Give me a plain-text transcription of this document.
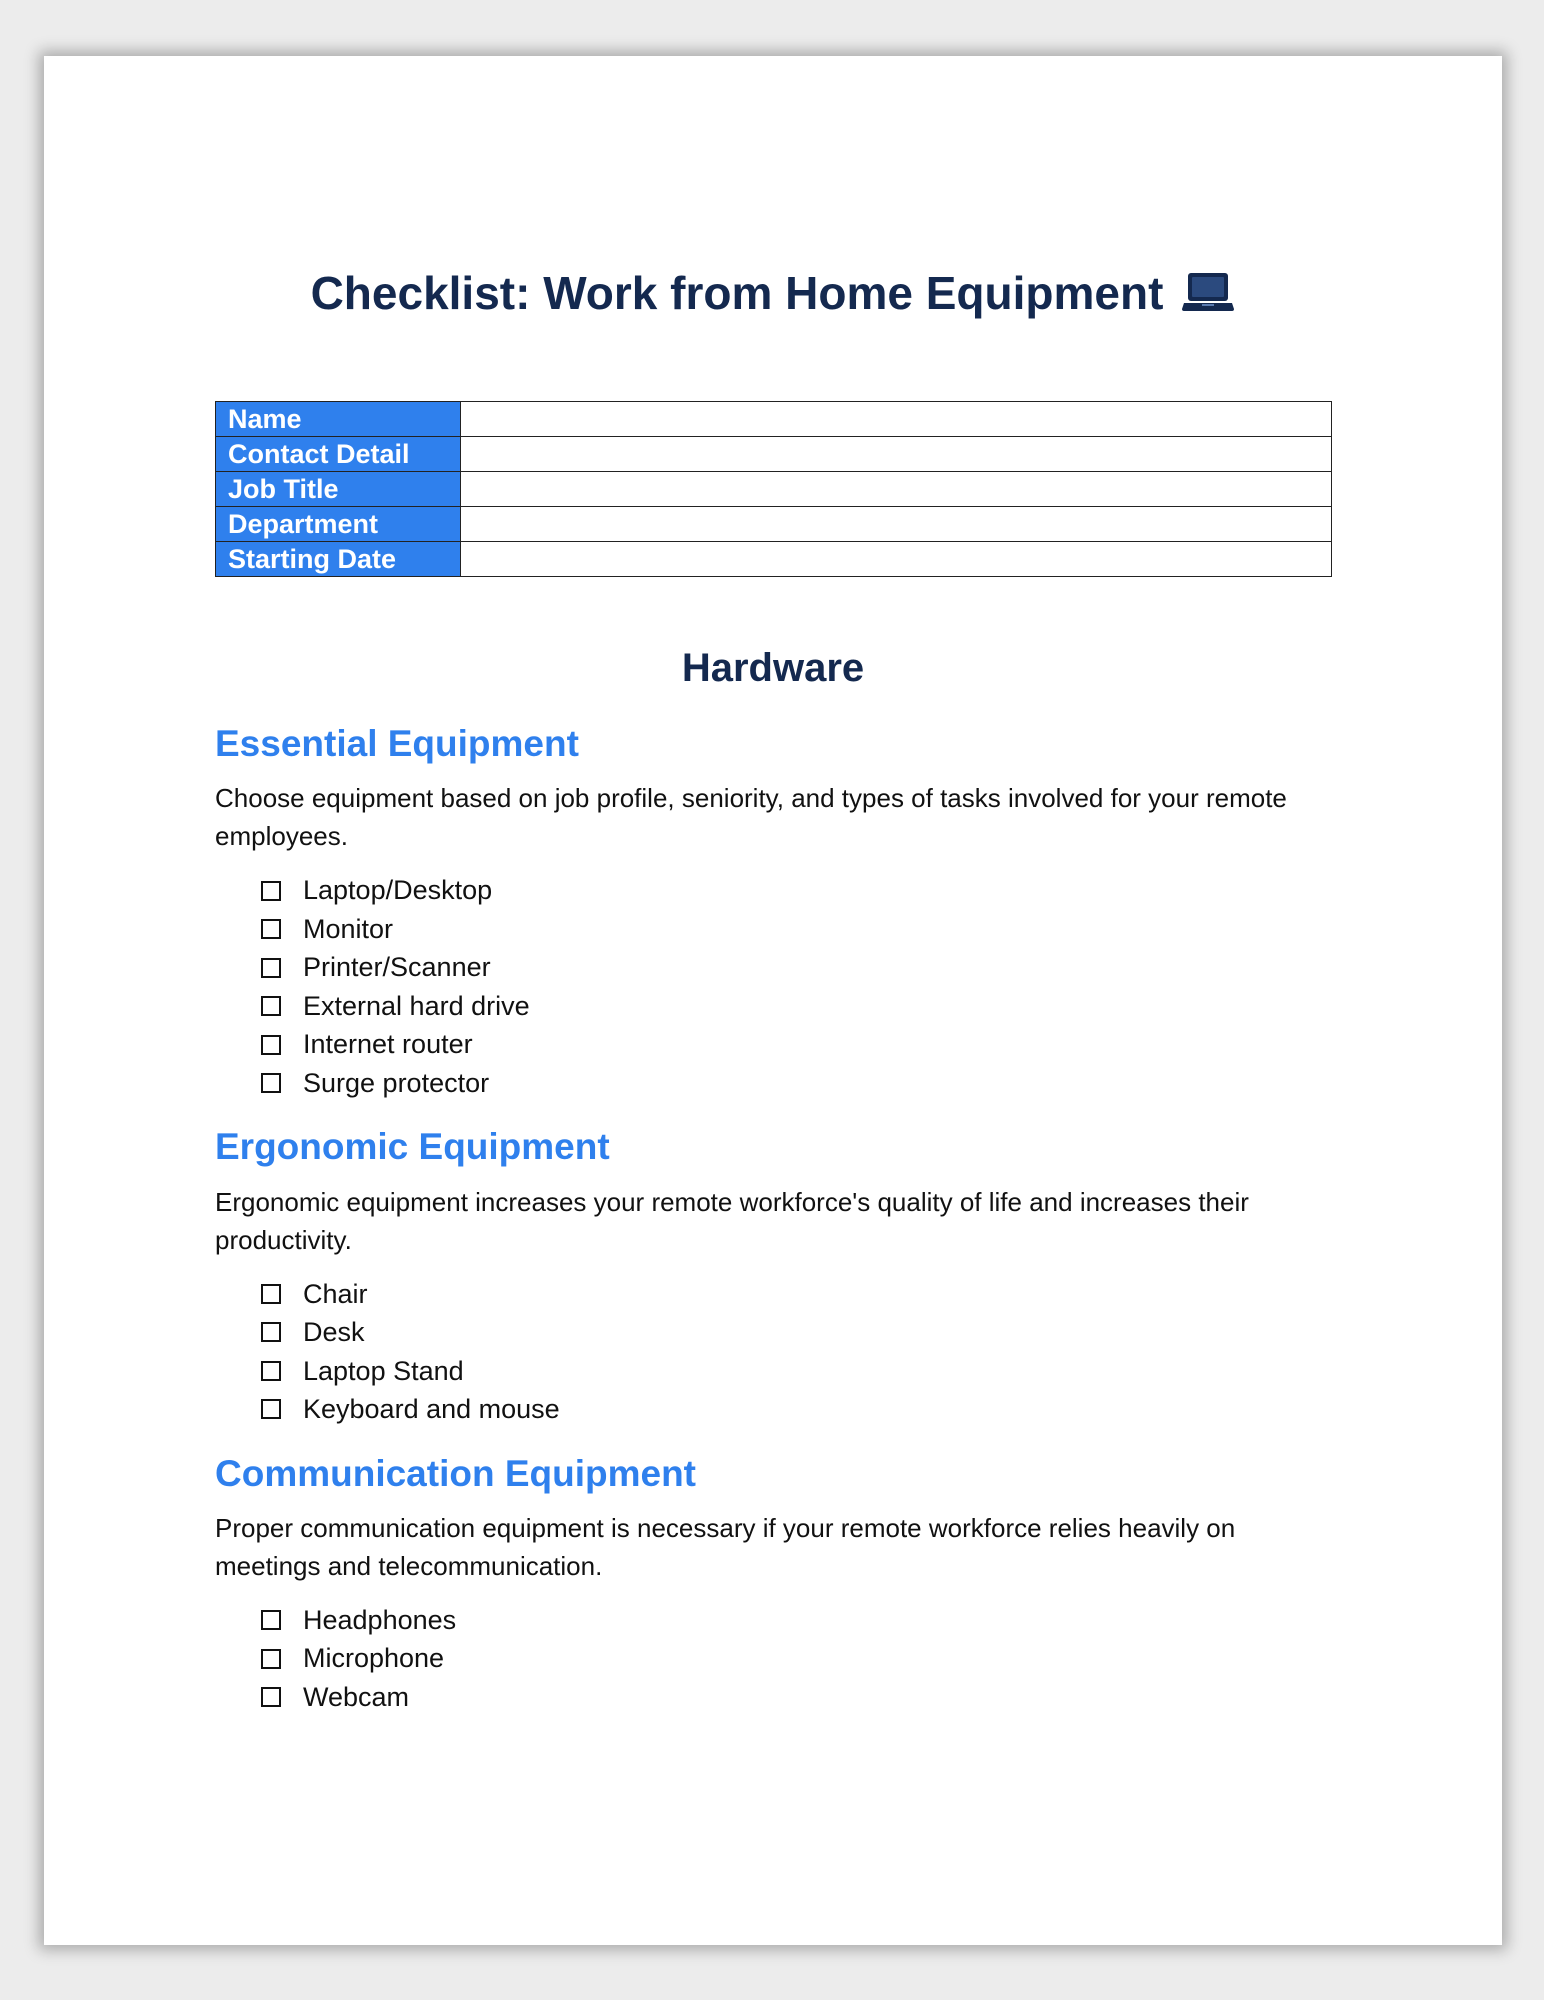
Checklist: Work from Home Equipment
Name	
Contact Detail	
Job Title	
Department	
Starting Date	
Hardware
Essential Equipment

Choose equipment based on job profile, seniority, and types of tasks involved for your remote employees.

Laptop/Desktop
Monitor
Printer/Scanner
External hard drive
Internet router
Surge protector
Ergonomic Equipment

Ergonomic equipment increases your remote workforce's quality of life and increases their productivity.

Chair
Desk
Laptop Stand
Keyboard and mouse
Communication Equipment

Proper communication equipment is necessary if your remote workforce relies heavily on meetings and telecommunication.

Headphones
Microphone
Webcam
